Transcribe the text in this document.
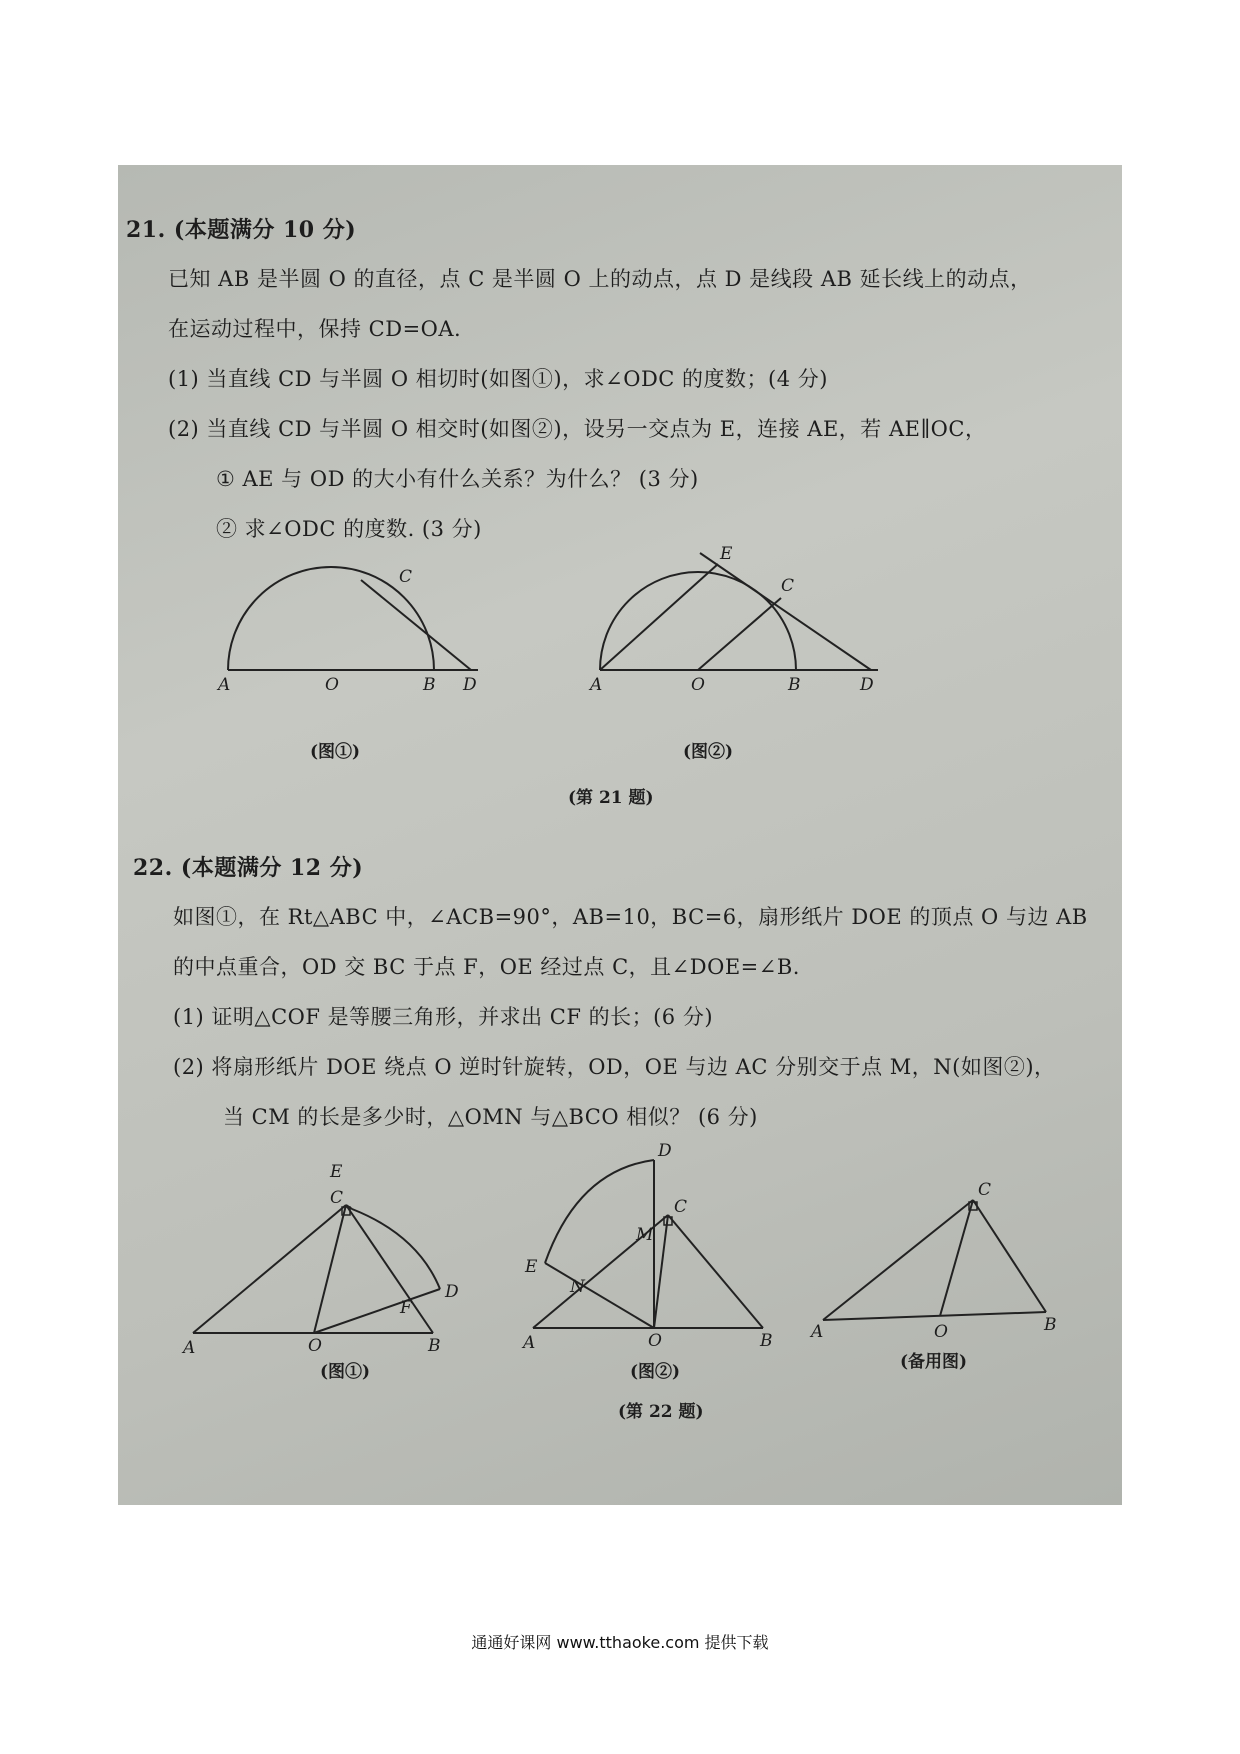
21. (本题满分 10 分)
已知 AB 是半圆 O 的直径，点 C 是半圆 O 上的动点，点 D 是线段 AB 延长线上的动点，
在运动过程中，保持 CD=OA.
(1) 当直线 CD 与半圆 O 相切时(如图①)，求∠ODC 的度数；(4 分)
(2) 当直线 CD 与半圆 O 相交时(如图②)，设另一交点为 E，连接 AE，若 AE∥OC，
① AE 与 OD 的大小有什么关系？为什么？ (3 分)
② 求∠ODC 的度数. (3 分)
A	O	B D
C
(图①)
A	O	B	D
C
E
(图②)
(第 21 题)
22. (本题满分 12 分)
如图①，在 Rt△ABC 中，∠ACB=90°，AB=10，BC=6，扇形纸片 DOE 的顶点 O 与边 AB
的中点重合，OD 交 BC 于点 F，OE 经过点 C，且∠DOE=∠B.
(1) 证明△COF 是等腰三角形，并求出 CF 的长；(6 分)
(2) 将扇形纸片 DOE 绕点 O 逆时针旋转，OD，OE 与边 AC 分别交于点 M，N(如图②)，
当 CM 的长是多少时，△OMN 与△BCO 相似？ (6 分)
A	O	B
C
E
D
F
(图①)
A	O	B
C
D
E
M
N
(图②)
A	O	B
C
(备用图)
(第 22 题)
通通好课网 www.tthaoke.com 提供下载
